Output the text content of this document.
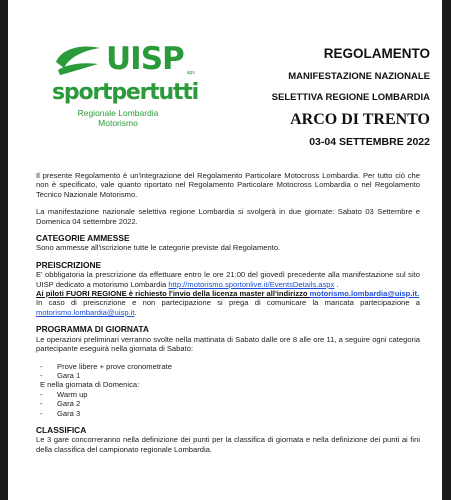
UISP aps
sportpertutti
Regionale Lombardia
Motorismo
REGOLAMENTO
MANIFESTAZIONE NAZIONALE
SELETTIVA REGIONE LOMBARDIA
ARCO DI TRENTO
03-04 SETTEMBRE 2022

Il presente Regolamento è un'integrazione del Regolamento Particolare Motocross Lombardia. Per tutto ciò che non è specificato, vale quanto riportato nel Regolamento Particolare Motocross Lombardia o nel Regolamento Tecnico Nazionale Motorismo.

La manifestazione nazionale selettiva regione Lombardia si svolgerà in due giornate: Sabato 03 Settembre e Domenica 04 settembre 2022.

CATEGORIE AMMESSE

Sono ammesse all'iscrizione tutte le categorie previste dal Regolamento.

PREISCRIZIONE
E' obbligatoria la prescrizione da effettuare entro le ore 21:00 del giovedì precedente alla manifestazione sul sito UISP dedicato a motorismo Lombardia http://motorismo.sportonlive.it/EventsDetails.aspx .
Ai piloti FUORI REGIONE è richiesto l'invio della licenza master all'indirizzo motorismo.lombardia@uisp.it.
In caso di preiscrizione e non partecipazione si prega di comunicare la mancata partecipazione a motorismo.lombardia@uisp.it.
PROGRAMMA DI GIORNATA

Le operazioni preliminari verranno svolte nella mattinata di Sabato dalle ore 8 alle ore 11, a seguire ogni categoria partecipante eseguirà nella giornata di Sabato:

- Prove libere + prove cronometrate
- Gara 1
E nella giornata di Domenica:
- Warm up
- Gara 2
- Gara 3
CLASSIFICA

Le 3 gare concorreranno nella definizione dei punti per la classifica di giornata e nella definizione dei punti ai fini della classifica del campionato regionale Lombardia.
